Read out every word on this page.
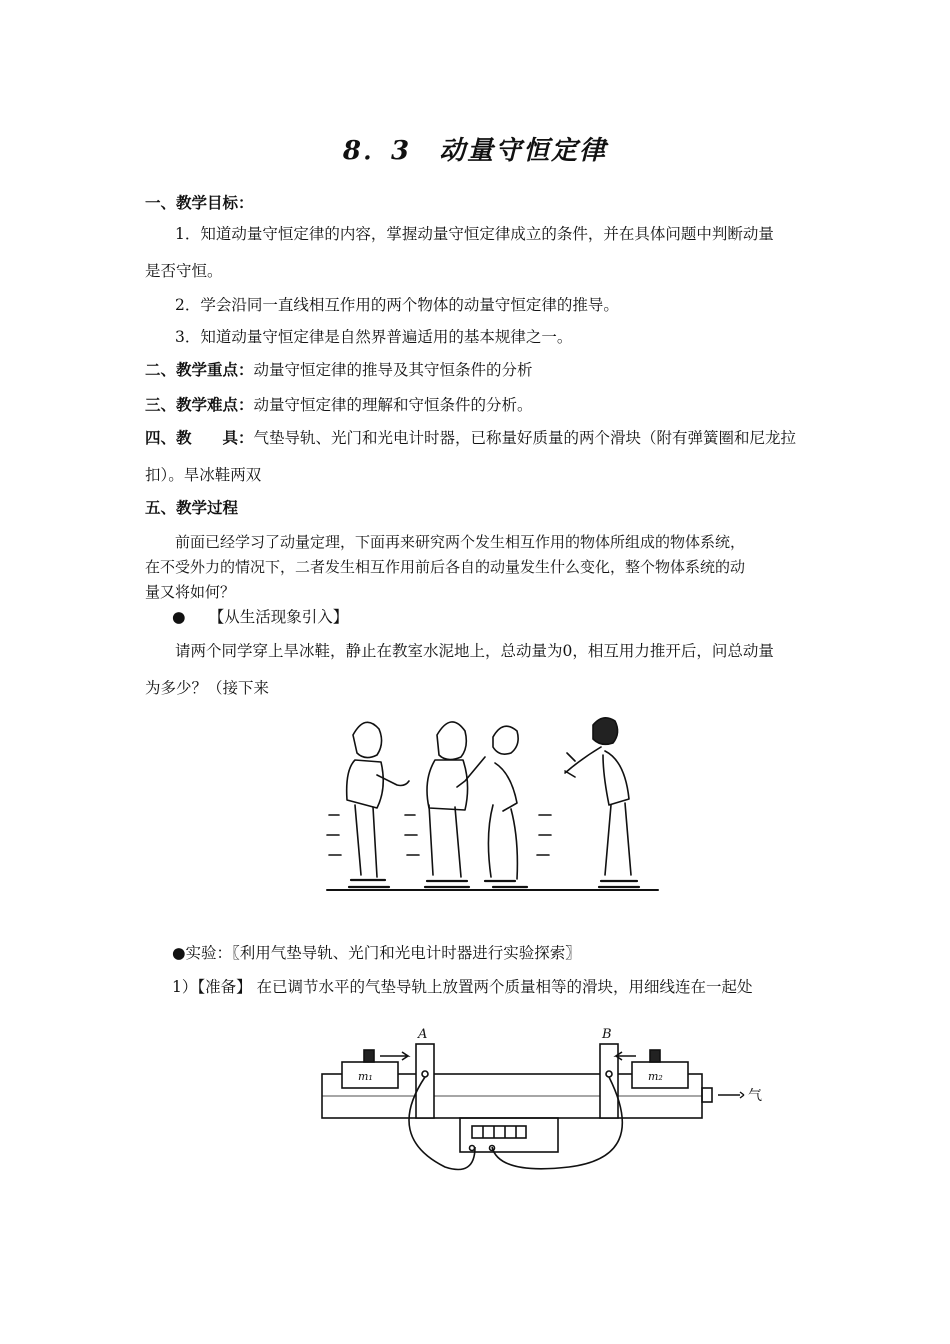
8．3　动量守恒定律
一、教学目标：
1．知道动量守恒定律的内容，掌握动量守恒定律成立的条件，并在具体问题中判断动量
是否守恒。
2．学会沿同一直线相互作用的两个物体的动量守恒定律的推导。
3．知道动量守恒定律是自然界普遍适用的基本规律之一。
二、教学重点：动量守恒定律的推导及其守恒条件的分析
三、教学难点：动量守恒定律的理解和守恒条件的分析。
四、教　　具：气垫导轨、光门和光电计时器，已称量好质量的两个滑块（附有弹簧圈和尼龙拉
扣）。旱冰鞋两双
五、教学过程
前面已经学习了动量定理，下面再来研究两个发生相互作用的物体所组成的物体系统，
在不受外力的情况下，二者发生相互作用前后各自的动量发生什么变化，整个物体系统的动
量又将如何？
●　　【从生活现象引入】
请两个同学穿上旱冰鞋，静止在教室水泥地上，总动量为0，相互用力推开后，问总动量
为多少？（接下来
●实验：〖利用气垫导轨、光门和光电计时器进行实验探索〗
1）【准备】 在已调节水平的气垫导轨上放置两个质量相等的滑块，用细线连在一起处
A	B
m₁	m₂
气
